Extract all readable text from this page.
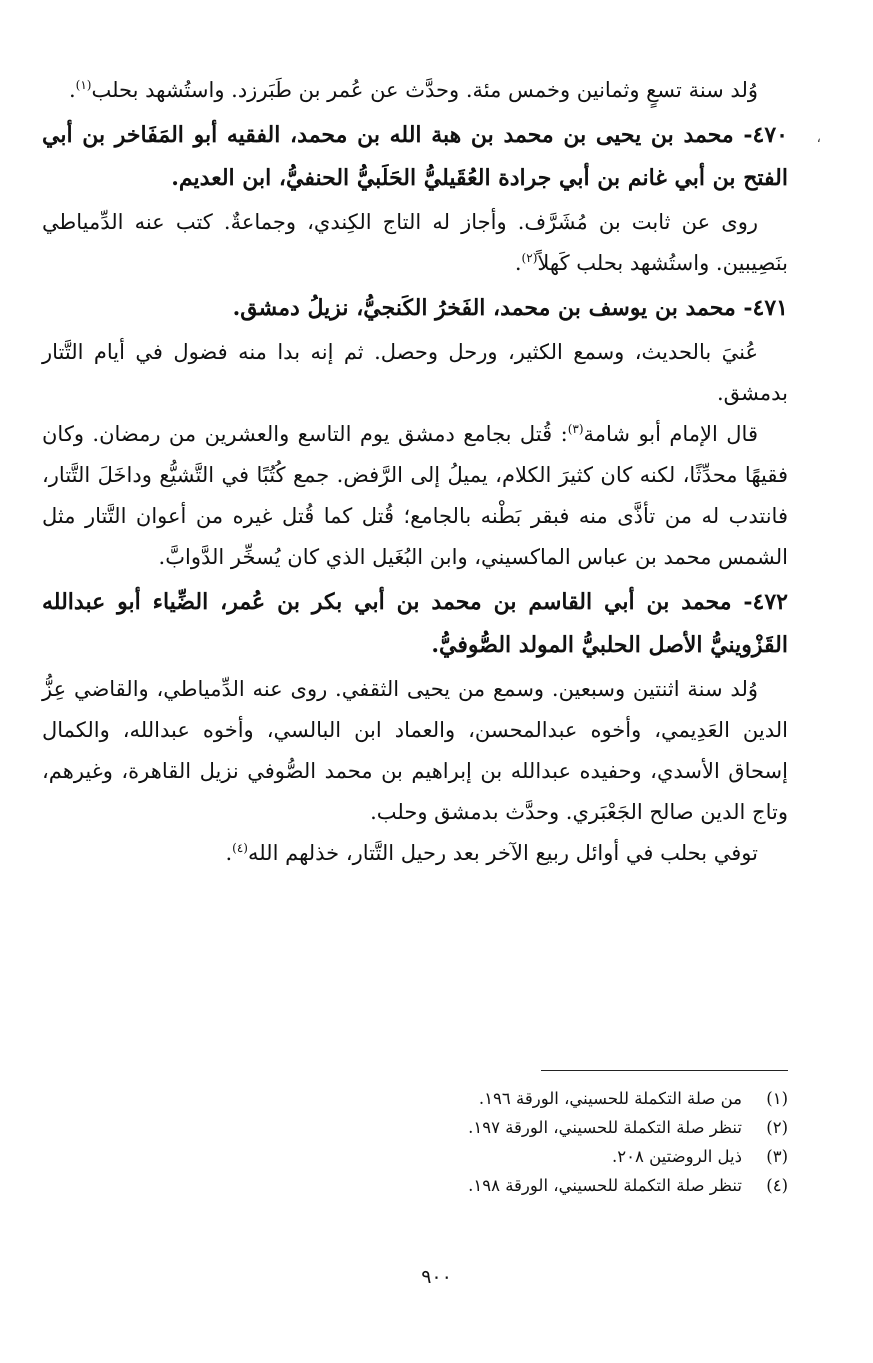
،

وُلد سنة تسعٍ وثمانين وخمس مئة. وحدَّث عن عُمر بن طَبَرزد. واستُشهد بحلب$^{(١)}$.

٤٧٠- محمد بن يحيى بن محمد بن هبة الله بن محمد، الفقيه أبو المَفَاخر بن أبي الفتح بن أبي غانم بن أبي جرادة العُقَيليُّ الحَلَبيُّ الحنفيُّ، ابن العديم.

روى عن ثابت بن مُشَرَّف. وأجاز له التاج الكِندي، وجماعةٌ. كتب عنه الدِّمياطي بنَصِيبين. واستُشهد بحلب كَهلاً$^{(٢)}$.

٤٧١- محمد بن يوسف بن محمد، الفَخرُ الكَنجيُّ، نزيلُ دمشق.

عُنيَ بالحديث، وسمع الكثير، ورحل وحصل. ثم إنه بدا منه فضول في أيام التَّتار بدمشق.

قال الإمام أبو شامة$^{(٣)}$: قُتل بجامع دمشق يوم التاسع والعشرين من رمضان. وكان فقيهًا محدِّثًا، لكنه كان كثيرَ الكلام، يميلُ إلى الرَّفض. جمع كُتُبًا في التَّشيُّع وداخَلَ التَّتار، فانتدب له من تأذَّى منه فبقر بَطْنه بالجامع؛ قُتل كما قُتل غيره من أعوان التَّتار مثل الشمس محمد بن عباس الماكسيني، وابن البُغَيل الذي كان يُسخِّر الدَّوابَّ.

٤٧٢- محمد بن أبي القاسم بن محمد بن أبي بكر بن عُمر، الضِّياء أبو عبدالله القَزْوينيُّ الأصل الحلبيُّ المولد الصُّوفيُّ.

وُلد سنة اثنتين وسبعين. وسمع من يحيى الثقفي. روى عنه الدِّمياطي، والقاضي عِزُّ الدين العَدِيمي، وأخوه عبدالمحسن، والعماد ابن البالسي، وأخوه عبدالله، والكمال إسحاق الأسدي، وحفيده عبدالله بن إبراهيم بن محمد الصُّوفي نزيل القاهرة، وغيرهم، وتاج الدين صالح الجَعْبَري. وحدَّث بدمشق وحلب.

توفي بحلب في أوائل ربيع الآخر بعد رحيل التَّتار، خذلهم الله$^{(٤)}$.

(١)من صلة التكملة للحسيني، الورقة ١٩٦.

(٢)تنظر صلة التكملة للحسيني، الورقة ١٩٧.

(٣)ذيل الروضتين ٢٠٨.

(٤)تنظر صلة التكملة للحسيني، الورقة ١٩٨.

٩٠٠
